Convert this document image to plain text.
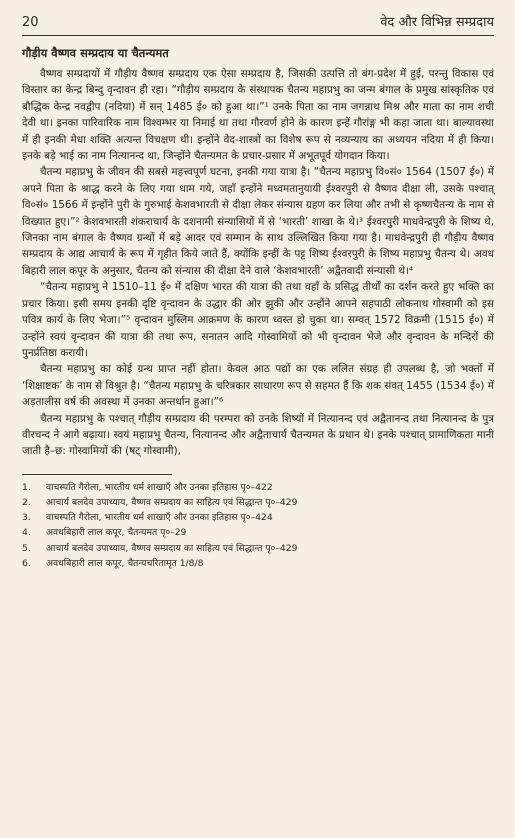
20	वेद और विभिन्न सम्प्रदाय
गौड़ीय वैष्णव सम्प्रदाय या चैतन्यमत

वैष्णव सम्प्रदायों में गौड़ीय वैष्णव सम्प्रदाय एक ऐसा सम्प्रदाय है, जिसकी उत्पत्ति तो बंग-प्रदेश में हुई, परन्तु विकास एवं विस्तार का केन्द्र बिन्दु वृन्दावन ही रहा। “गौड़ीय सम्प्रदाय के संस्थापक चैतन्य महाप्रभु का जन्म बंगाल के प्रमुख सांस्कृतिक एवं बौद्धिक केन्द्र नवद्वीप (नदिया) में सन् 1485 ई० को हुआ था।”¹ उनके पिता का नाम जगन्नाथ मिश्र और माता का नाम शची देवी था। इनका पारिवारिक नाम विश्वम्भर या निमाई था तथा गौरवर्ण होने के कारण इन्हें गौरांङ्ग भी कहा जाता था। बाल्यावस्था में ही इनकी मेधा शक्ति अत्यन्त विचक्षण थी। इन्होंने वेद-शास्त्रों का विशेष रूप से नव्यन्याय का अध्ययन नदिया में ही किया। इनके बड़े भाई का नाम नित्यानन्द था, जिन्होंने चैतन्यमत के प्रचार-प्रसार में अभूतपूर्व योगदान किया।

चैतन्य महाप्रभु के जीवन की सबसे महत्त्वपूर्ण घटना, इनकी गया यात्रा है। “चैतन्य महाप्रभु वि०सं० 1564 (1507 ई०) में अपने पिता के श्राद्ध करने के लिए गया धाम गये, जहाँ इन्होंने मध्वमतानुयायी ईश्वरपुरी से वैष्णव दीक्षा ली, उसके पश्चात् वि०सं० 1566 में इन्होंने पुरी के गुरुभाई केशवभारती से दीक्षा लेकर संन्यास ग्रहण कर लिया और तभी से कृष्णचैतन्य के नाम से विख्यात हुए।”² केशवभारती शंकराचार्य के दशनामी संन्यासियों में से ‘भारती’ शाखा के थे।³ ईश्वरपुरी माधवेन्द्रपुरी के शिष्य थे, जिनका नाम बंगाल के वैष्णव ग्रन्थों में बड़े आदर एवं सम्मान के साथ उल्लिखित किया गया है। माधवेन्द्रपुरी ही गौड़ीय वैष्णव सम्प्रदाय के आद्य आचार्य के रूप में गृहीत किये जाते हैं, क्योंकि इन्हीं के पट्ट शिष्य ईश्वरपुरी के शिष्य महाप्रभु चैतन्य थे। अवध बिहारी लाल कपूर के अनुसार, चैतन्य को संन्यास की दीक्षा देने वाले ‘केशवभारती’ अद्वैतवादी संन्यासी थे।⁴

“चैतन्य महाप्रभु ने 1510–11 ई० में दक्षिण भारत की यात्रा की तथा वहाँ के प्रसिद्ध तीर्थों का दर्शन करते हुए भक्ति का प्रचार किया। इसी समय इनकी दृष्टि वृन्दावन के उद्धार की ओर झुकी और उन्होंने आपने सहपाठी लोकनाथ गोस्वामी को इस पवित्र कार्य के लिए भेजा।”⁵ वृन्दावन मुस्लिम आक्रमण के कारण ध्वस्त हो चुका था। सम्वत् 1572 विक्रमी (1515 ई०) में उन्होंने स्वयं वृन्दावन की यात्रा की तथा रूप, सनातन आदि गोस्वामियों को भी वृन्दावन भेजे और वृन्दावन के मन्दिरों की पुनर्प्रतिष्ठा करायी।

चैतन्य महाप्रभु का कोई ग्रन्थ प्राप्त नहीं होता। केवल आठ पद्यों का एक ललित संग्रह ही उपलब्ध है, जो भक्तों में ‘शिक्षाष्टक’ के नाम से विश्रुत है। “चैतन्य महाप्रभु के चरित्रकार साधारण रूप से सहमत हैं कि शक संवत् 1455 (1534 ई०) में अड़तालीस वर्ष की अवस्था में उनका अन्तर्धान हुआ।”⁶

चैतन्य महाप्रभु के पश्चात् गौड़ीय सम्प्रदाय की परम्परा को उनके शिष्यों में नित्यानन्द एवं अद्वैतानन्द तथा नित्यानन्द के पुत्र वीरचन्द ने आगे बढ़ाया। स्वयं महाप्रभु चैतन्य, नित्यानन्द और अद्वैताचार्य चैतन्यमत के प्रधान थे। इनके पश्चात् प्रामाणिकता मानी जाती है–छ: गोस्वामियों की (षट् गोस्वामी),

1.	वाचस्पति गैरोला, भारतीय धर्म शाखाएँ और उनका इतिहास पृ०–422
2.	आचार्य बलदेव उपाध्याय, वैष्णव सम्प्रदाय का साहित्य एवं सिद्धान्त पृ०–429
3.	वाचस्पति गैरोला, भारतीय धर्म शाखाएँ और उनका इतिहास पृ०–424
4.	अवधबिहारी लाल कपूर, चैतन्यमत पृ०–29
5.	आचार्य बलदेव उपाध्याय, वैष्णव सम्प्रदाय का साहित्य एवं सिद्धान्त पृ०–429
6.	अवधबिहारी लाल कपूर, चैतन्यचरितामृत 1/8/8
